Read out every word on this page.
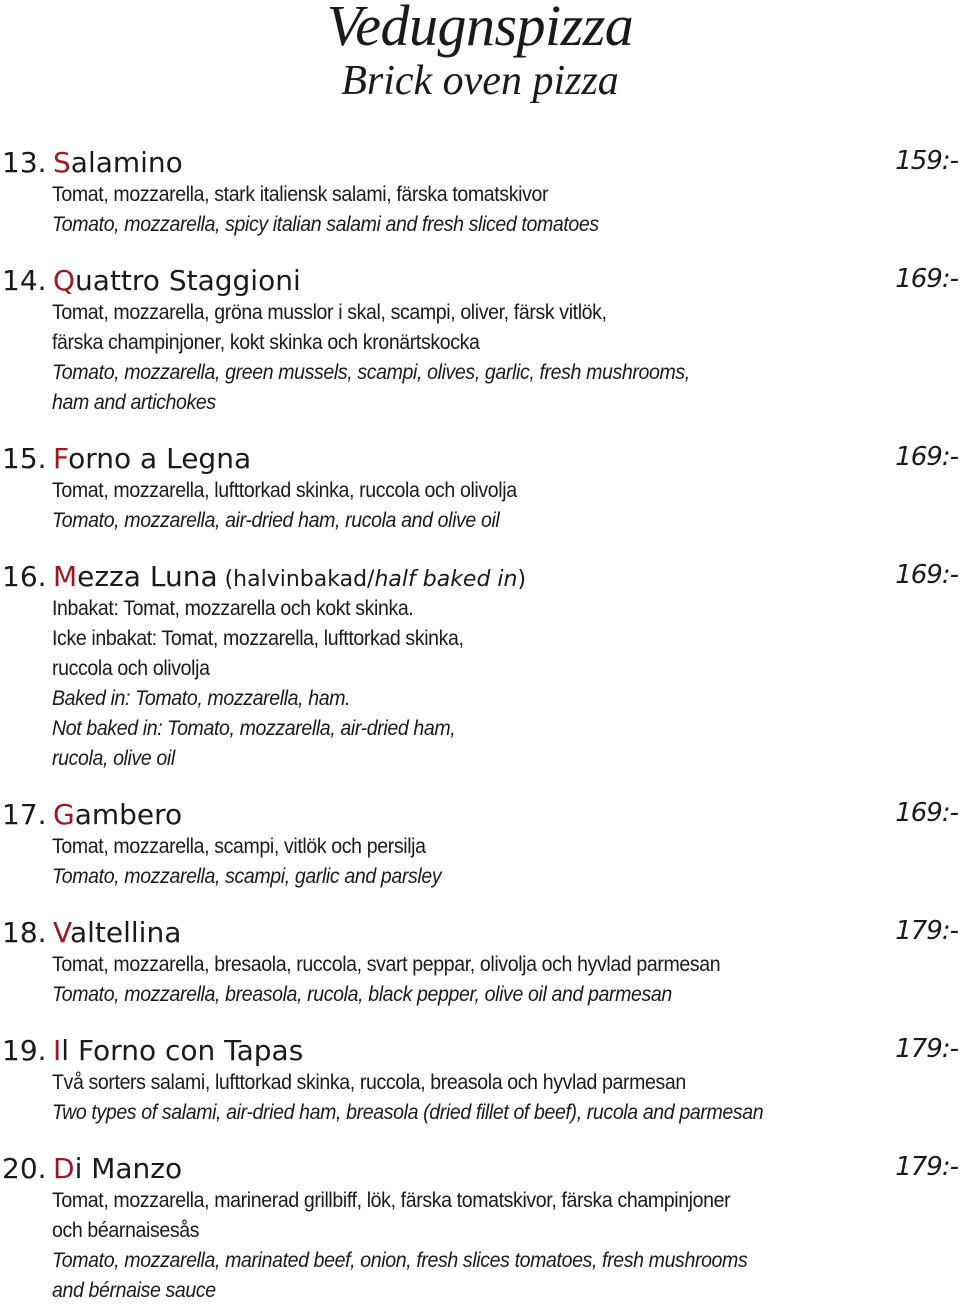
Vedugnspizza
Brick oven pizza
13. Salamino	159:-
Tomat, mozzarella, stark italiensk salami, färska tomatskivor
Tomato, mozzarella, spicy italian salami and fresh sliced tomatoes
14. Quattro Staggioni	169:-
Tomat, mozzarella, gröna musslor i skal, scampi, oliver, färsk vitlök,
färska champinjoner, kokt skinka och kronärtskocka
Tomato, mozzarella, green mussels, scampi, olives, garlic, fresh mushrooms,
ham and artichokes
15. Forno a Legna	169:-
Tomat, mozzarella, lufttorkad skinka, ruccola och olivolja
Tomato, mozzarella, air-dried ham, rucola and olive oil
16. Mezza Luna (halvinbakad/half baked in)	169:-
Inbakat: Tomat, mozzarella och kokt skinka.
Icke inbakat: Tomat, mozzarella, lufttorkad skinka,
ruccola och olivolja
Baked in: Tomato, mozzarella, ham.
Not baked in: Tomato, mozzarella, air-dried ham,
rucola, olive oil
17. Gambero	169:-
Tomat, mozzarella, scampi, vitlök och persilja
Tomato, mozzarella, scampi, garlic and parsley
18. Valtellina	179:-
Tomat, mozzarella, bresaola, ruccola, svart peppar, olivolja och hyvlad parmesan
Tomato, mozzarella, breasola, rucola, black pepper, olive oil and parmesan
19. Il Forno con Tapas	179:-
Två sorters salami, lufttorkad skinka, ruccola, breasola och hyvlad parmesan
Two types of salami, air-dried ham, breasola (dried fillet of beef), rucola and parmesan
20. Di Manzo	179:-
Tomat, mozzarella, marinerad grillbiff, lök, färska tomatskivor, färska champinjoner
och béarnaisesås
Tomato, mozzarella, marinated beef, onion, fresh slices tomatoes, fresh mushrooms
and bérnaise sauce
